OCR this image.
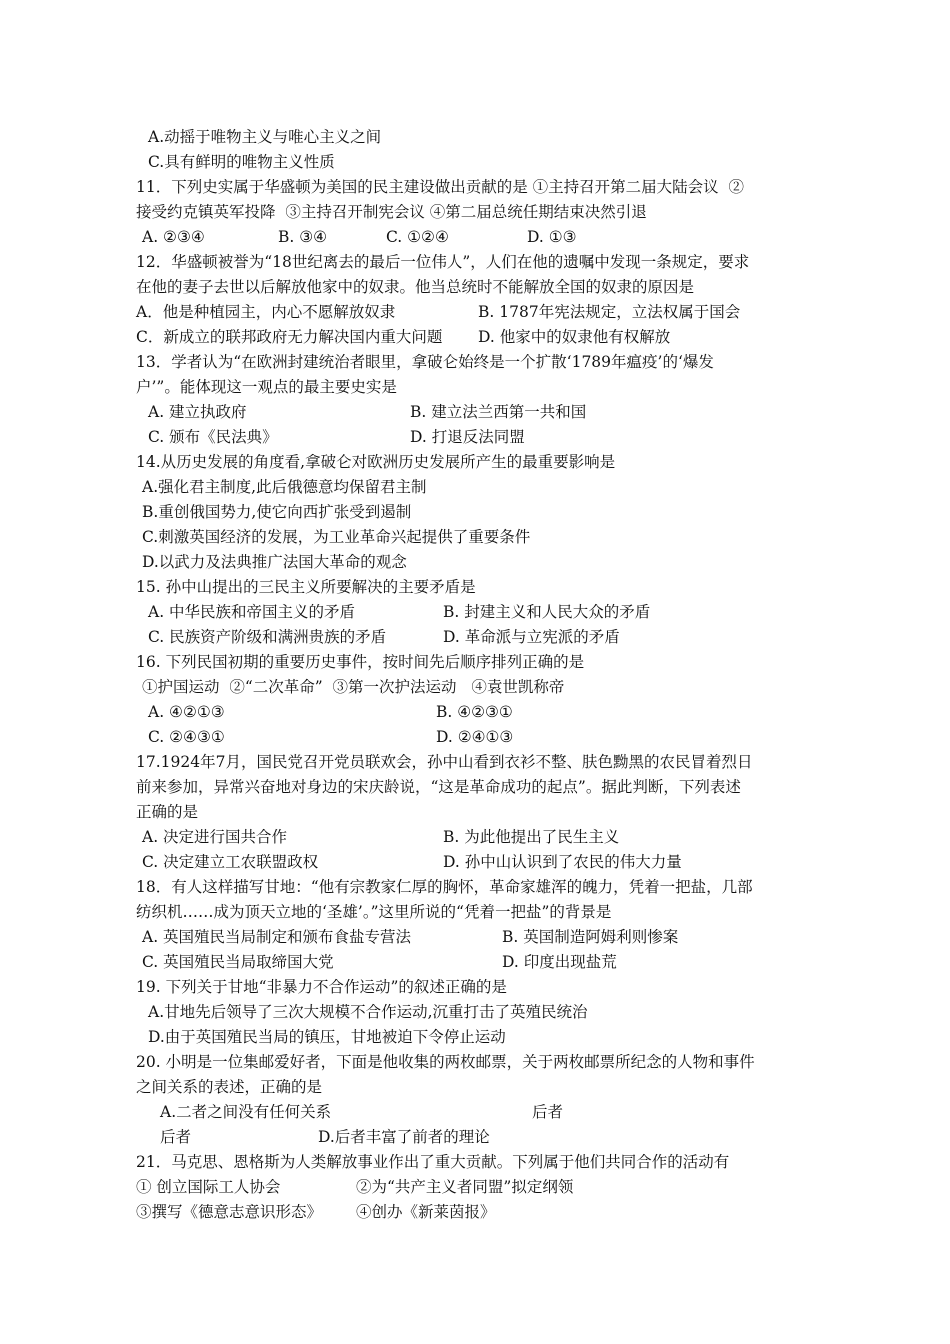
A.动摇于唯物主义与唯心主义之间
C.具有鲜明的唯物主义性质
11．下列史实属于华盛顿为美国的民主建设做出贡献的是 ①主持召开第二届大陆会议  ②
接受约克镇英军投降  ③主持召开制宪会议 ④第二届总统任期结束决然引退
A. ②③④	B. ③④	C. ①②④	D. ①③
12．华盛顿被誉为“18世纪离去的最后一位伟人”，人们在他的遗嘱中发现一条规定，要求
在他的妻子去世以后解放他家中的奴隶。他当总统时不能解放全国的奴隶的原因是
A．他是种植园主，内心不愿解放奴隶	B. 1787年宪法规定，立法权属于国会
C．新成立的联邦政府无力解决国内重大问题 D. 他家中的奴隶他有权解放
13．学者认为“在欧洲封建统治者眼里，拿破仑始终是一个扩散‘1789年瘟疫’的‘爆发
户’”。能体现这一观点的最主要史实是
A. 建立执政府	B. 建立法兰西第一共和国
C. 颁布《民法典》	D. 打退反法同盟
14.从历史发展的角度看,拿破仑对欧洲历史发展所产生的最重要影响是
A.强化君主制度,此后俄德意均保留君主制
B.重创俄国势力,使它向西扩张受到遏制
C.刺激英国经济的发展，为工业革命兴起提供了重要条件
D.以武力及法典推广法国大革命的观念
15. 孙中山提出的三民主义所要解决的主要矛盾是
A. 中华民族和帝国主义的矛盾	B. 封建主义和人民大众的矛盾
C. 民族资产阶级和满洲贵族的矛盾	D. 革命派与立宪派的矛盾
16. 下列民国初期的重要历史事件，按时间先后顺序排列正确的是
①护国运动  ②“二次革命”  ③第一次护法运动   ④袁世凯称帝
A. ④②①③	B. ④②③①
C. ②④③①	D. ②④①③
17.1924年7月，国民党召开党员联欢会，孙中山看到衣衫不整、肤色黝黑的农民冒着烈日
前来参加，异常兴奋地对身边的宋庆龄说，“这是革命成功的起点”。据此判断，下列表述
正确的是
A. 决定进行国共合作	B. 为此他提出了民生主义
C. 决定建立工农联盟政权	D. 孙中山认识到了农民的伟大力量
18．有人这样描写甘地：“他有宗教家仁厚的胸怀，革命家雄浑的魄力，凭着一把盐，几部
纺织机……成为顶天立地的‘圣雄’。”这里所说的“凭着一把盐”的背景是
A. 英国殖民当局制定和颁布食盐专营法	B. 英国制造阿姆利则惨案
C. 英国殖民当局取缔国大党	D. 印度出现盐荒
19. 下列关于甘地“非暴力不合作运动”的叙述正确的是
A.甘地先后领导了三次大规模不合作运动,沉重打击了英殖民统治
D.由于英国殖民当局的镇压，甘地被迫下令停止运动
20. 小明是一位集邮爱好者，下面是他收集的两枚邮票，关于两枚邮票所纪念的人物和事件
之间关系的表述，正确的是
A.二者之间没有任何关系	后者
后者	D.后者丰富了前者的理论
21．马克思、恩格斯为人类解放事业作出了重大贡献。下列属于他们共同合作的活动有
① 创立国际工人协会	②为“共产主义者同盟”拟定纲领
③撰写《德意志意识形态》 ④创办《新莱茵报》
